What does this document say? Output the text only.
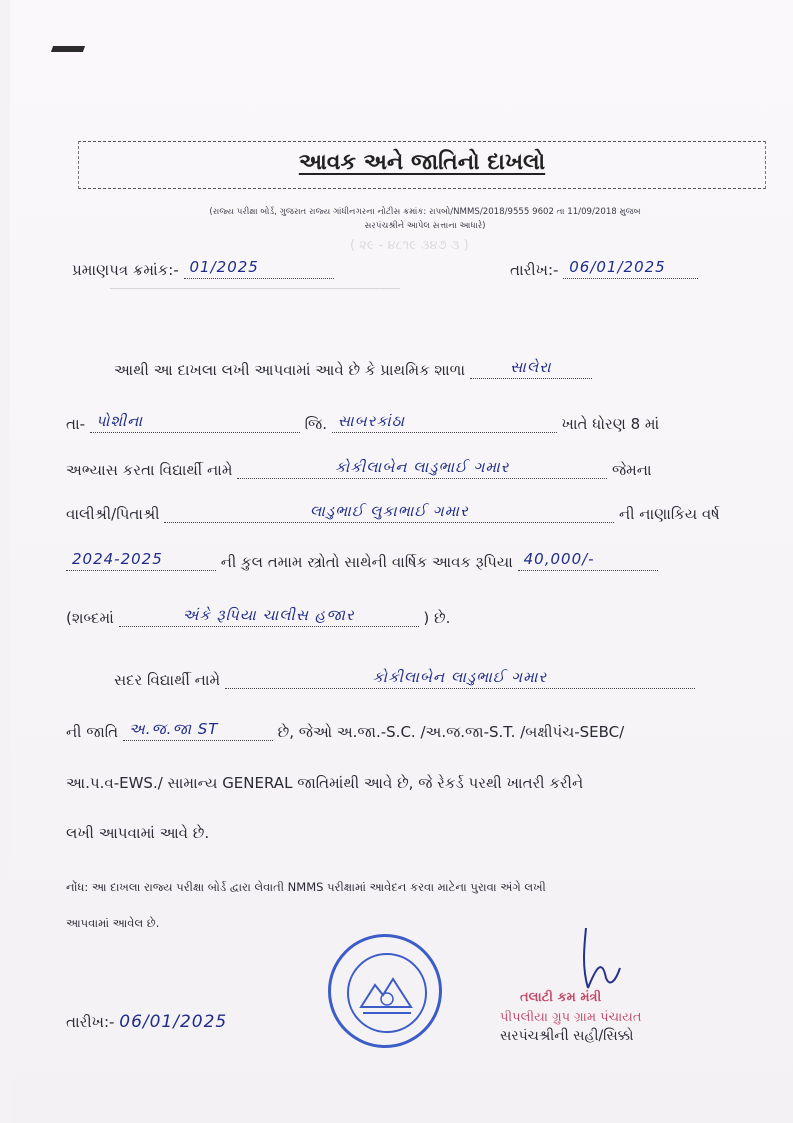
( ૨૯ - ૪૮૧૯ ૩૪૭ ૩ )
─────────────────────────────────────
આવક અને જાતિનો દાખલો
(રાજ્ય પરીક્ષા બોર્ડ, ગુજરાત રાજ્ય ગાંધીનગરના નોટીસ ક્રમાંક: રાપબો/NMMS/2018/9555 9602 તા 11/09/2018 મુજબ
સરપંચશ્રીને આપેલ સત્તાના આધારે)
પ્રમાણપત્ર ક્રમાંક:- 01/2025	તારીખ:- 06/01/2025
આથી આ દાખલા લખી આપવામાં આવે છે કે પ્રાથમિક શાળા	સાલેરા
તા- પોશીના	જિ. સાબરકાંઠા	ખાતે ધોરણ 8 માં
અભ્યાસ કરતા વિદ્યાર્થી નામે	કોકીલાબેન લાડુભાઈ ગમાર	જેમના
વાલીશ્રી/પિતાશ્રી	લાડુભાઈ લુકાભાઈ ગમાર	ની નાણાકિય વર્ષ
2024-2025	ની કુલ તમામ સ્ત્રોતો સાથેની વાર્ષિક આવક રૂપિયા 40,000/-
(શબ્દમાં	અંકે રૂપિયા ચાલીસ હજાર	) છે.
સદર વિદ્યાર્થી નામે	કોકીલાબેન લાડુભાઈ ગમાર
ની જાતિ અ.જ.જા ST	છે, જેઓ અ.જા.-S.C. /અ.જ.જા-S.T. /બક્ષીપંચ-SEBC/
આ.પ.વ-EWS./ સામાન્ય GENERAL જાતિમાંથી આવે છે, જે રેકર્ડ પરથી ખાતરી કરીને
લખી આપવામાં આવે છે.
નોંધ: આ દાખલા રાજ્ય પરીક્ષા બોર્ડ દ્વારા લેવાતી NMMS પરીક્ષામાં આવેદન કરવા માટેના પુરાવા અંગે લખી
આપવામાં આવેલ છે.
તારીખ:- 06/01/2025
તલાટી કમ મંત્રી
પીપલીયા ગ્રુપ ગ્રામ પંચાયત
સરપંચશ્રીની સહી/સિક્કો
